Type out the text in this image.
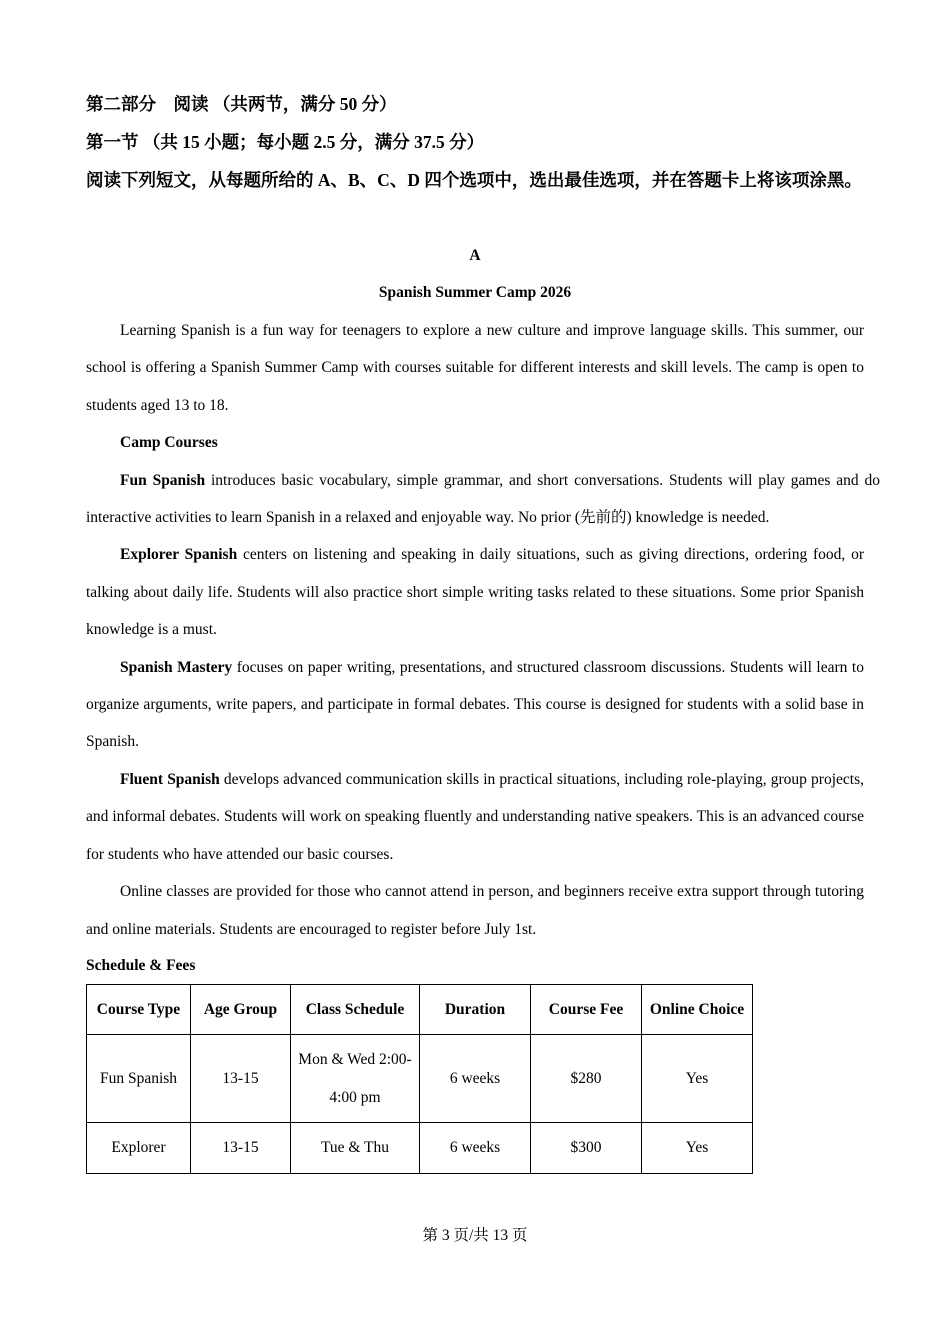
第二部分　阅读 （共两节，满分 50 分）
第一节 （共 15 小题；每小题 2.5 分，满分 37.5 分）
阅读下列短文，从每题所给的 A、B、C、D 四个选项中，选出最佳选项，并在答题卡上将该项涂黑。
A
Spanish Summer Camp 2026

Learning Spanish is a fun way for teenagers to explore a new culture and improve language skills. This summer, our school is offering a Spanish Summer Camp with courses suitable for different interests and skill levels. The camp is open to students aged 13 to 18.

Camp Courses

Fun Spanish introduces basic vocabulary, simple grammar, and short conversations. Students will play games and do interactive activities to learn Spanish in a relaxed and enjoyable way. No prior (先前的) knowledge is needed.

Explorer Spanish centers on listening and speaking in daily situations, such as giving directions, ordering food, or talking about daily life. Students will also practice short simple writing tasks related to these situations. Some prior Spanish knowledge is a must.

Spanish Mastery focuses on paper writing, presentations, and structured classroom discussions. Students will learn to organize arguments, write papers, and participate in formal debates. This course is designed for students with a solid base in Spanish.

Fluent Spanish develops advanced communication skills in practical situations, including role-playing, group projects, and informal debates. Students will work on speaking fluently and understanding native speakers. This is an advanced course for students who have attended our basic courses.

Online classes are provided for those who cannot attend in person, and beginners receive extra support through tutoring and online materials. Students are encouraged to register before July 1st.

Schedule & Fees
Course Type	Age Group	Class Schedule	Duration	Course Fee	Online Choice
Fun Spanish	13-15	Mon & Wed 2:00-4:00 pm	6 weeks	$280	Yes
Explorer	13-15	Tue & Thu	6 weeks	$300	Yes
第 3 页/共 13 页
